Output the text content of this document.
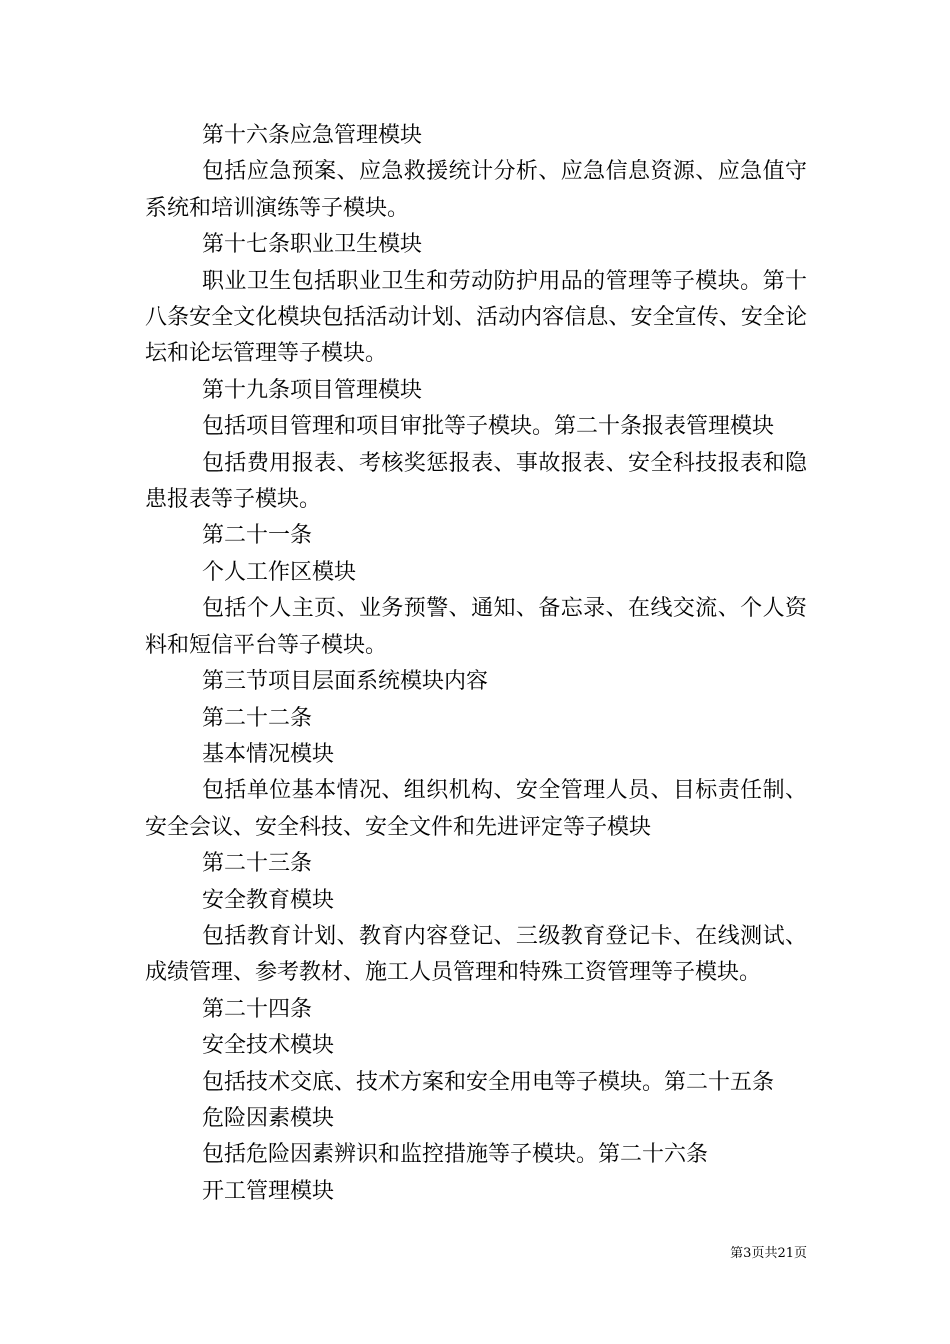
第十六条应急管理模块

包括应急预案、应急救援统计分析、应急信息资源、应急值守系统和培训演练等子模块。

第十七条职业卫生模块

职业卫生包括职业卫生和劳动防护用品的管理等子模块。第十八条安全文化模块包括活动计划、活动内容信息、安全宣传、安全论坛和论坛管理等子模块。

第十九条项目管理模块

包括项目管理和项目审批等子模块。第二十条报表管理模块

包括费用报表、考核奖惩报表、事故报表、安全科技报表和隐患报表等子模块。

第二十一条

个人工作区模块

包括个人主页、业务预警、通知、备忘录、在线交流、个人资料和短信平台等子模块。

第三节项目层面系统模块内容

第二十二条

基本情况模块

包括单位基本情况、组织机构、安全管理人员、目标责任制、安全会议、安全科技、安全文件和先进评定等子模块

第二十三条

安全教育模块

包括教育计划、教育内容登记、三级教育登记卡、在线测试、成绩管理、参考教材、施工人员管理和特殊工资管理等子模块。

第二十四条

安全技术模块

包括技术交底、技术方案和安全用电等子模块。第二十五条

危险因素模块

包括危险因素辨识和监控措施等子模块。第二十六条

开工管理模块

第3页共21页
